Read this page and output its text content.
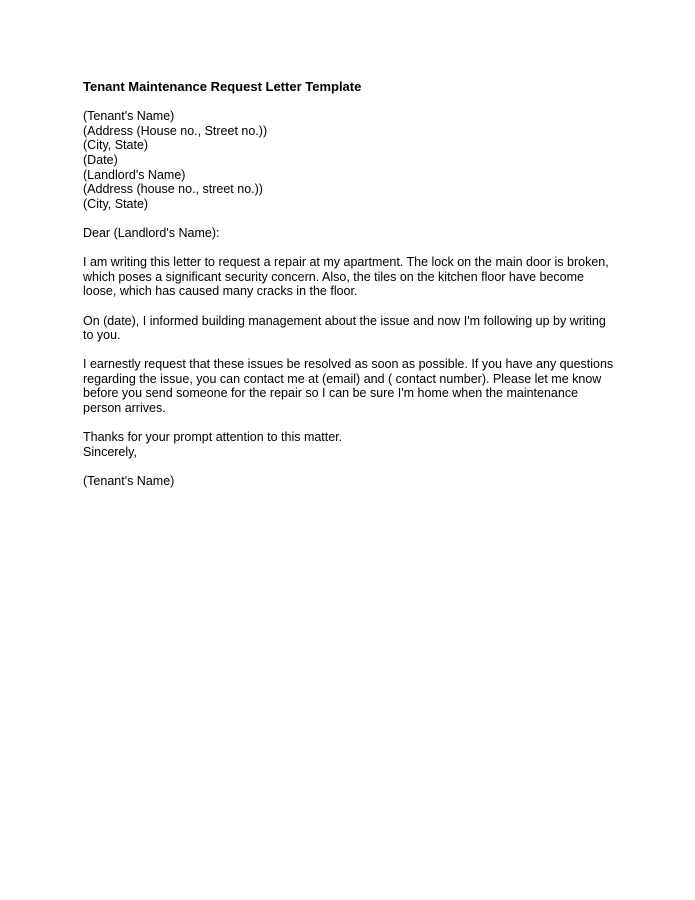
Tenant Maintenance Request Letter Template
(Tenant's Name)
(Address (House no., Street no.))
(City, State)
(Date)
(Landlord's Name)
(Address (house no., street no.))
(City, State)

Dear (Landlord's Name):

I am writing this letter to request a repair at my apartment. The lock on the main door is broken, which poses a significant security concern. Also, the tiles on the kitchen floor have become loose, which has caused many cracks in the floor.

On (date), I informed building management about the issue and now I'm following up by writing to you.

I earnestly request that these issues be resolved as soon as possible. If you have any questions regarding the issue, you can contact me at (email) and ( contact number). Please let me know before you send someone for the repair so I can be sure I'm home when the maintenance person arrives.

Thanks for your prompt attention to this matter.
Sincerely,

(Tenant's Name)
